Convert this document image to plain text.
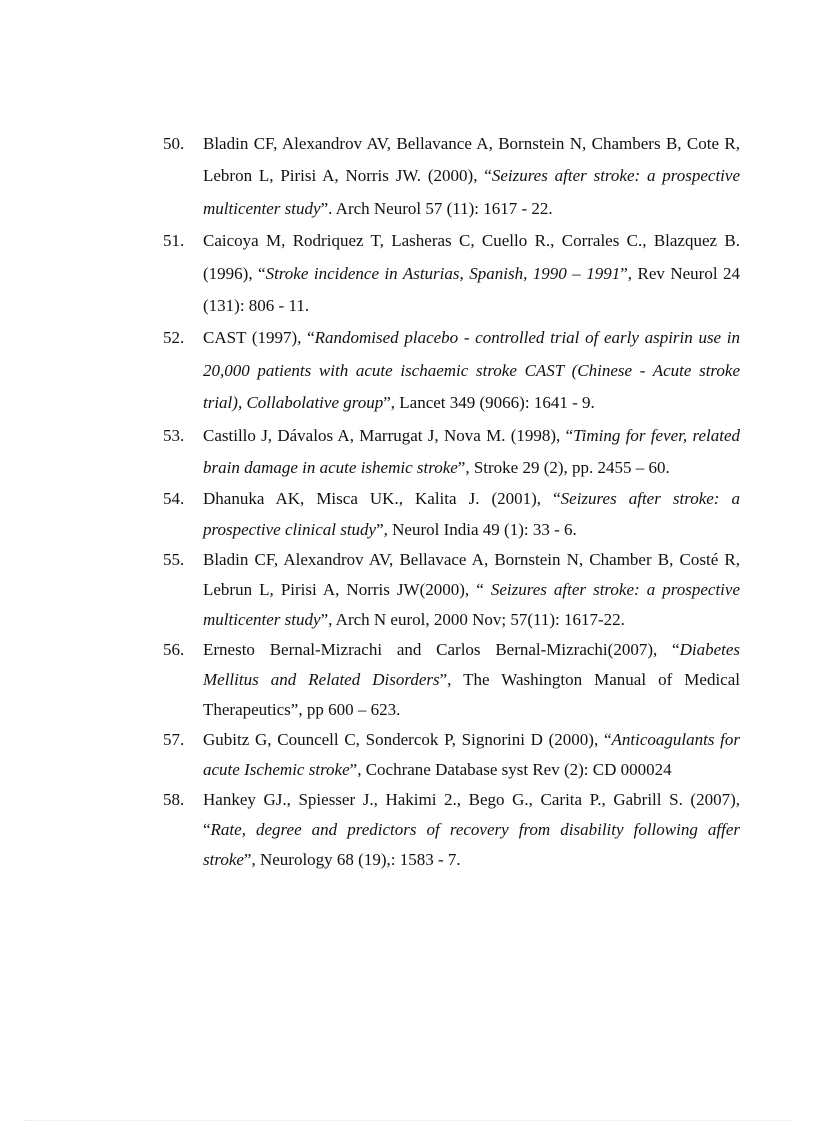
50. Bladin CF, Alexandrov AV, Bellavance A, Bornstein N, Chambers B, Cote R, Lebron L, Pirisi A, Norris JW. (2000), “Seizures after stroke: a prospective multicenter study”. Arch Neurol 57 (11): 1617 - 22.
51. Caicoya M, Rodriquez T, Lasheras C, Cuello R., Corrales C., Blazquez B. (1996), “Stroke incidence in Asturias, Spanish, 1990 – 1991”, Rev Neurol 24 (131): 806 - 11.
52. CAST (1997), “Randomised placebo - controlled trial of early aspirin use in 20,000 patients with acute ischaemic stroke CAST (Chinese - Acute stroke trial), Collabolative group”, Lancet 349 (9066): 1641 - 9.
53. Castillo J, Dávalos A, Marrugat J, Nova M. (1998), “Timing for fever, related brain damage in acute ishemic stroke”, Stroke 29 (2), pp. 2455 – 60.
54. Dhanuka AK, Misca UK., Kalita J. (2001), “Seizures after stroke: a prospective clinical study”, Neurol India 49 (1): 33 - 6.
55. Bladin CF, Alexandrov AV, Bellavace A, Bornstein N, Chamber B, Costé R, Lebrun L, Pirisi A, Norris JW(2000), “ Seizures after stroke: a prospective multicenter study”, Arch N eurol, 2000 Nov; 57(11): 1617-22.
56. Ernesto Bernal-Mizrachi and Carlos Bernal-Mizrachi(2007), “Diabetes Mellitus and Related Disorders”, The Washington Manual of Medical Therapeutics”, pp 600 – 623.
57. Gubitz G, Councell C, Sondercok P, Signorini D (2000), “Anticoagulants for acute Ischemic stroke”, Cochrane Database syst Rev (2): CD 000024
58. Hankey GJ., Spiesser J., Hakimi 2., Bego G., Carita P., Gabrill S. (2007), “Rate, degree and predictors of recovery from disability following affer stroke”, Neurology 68 (19),: 1583 - 7.
